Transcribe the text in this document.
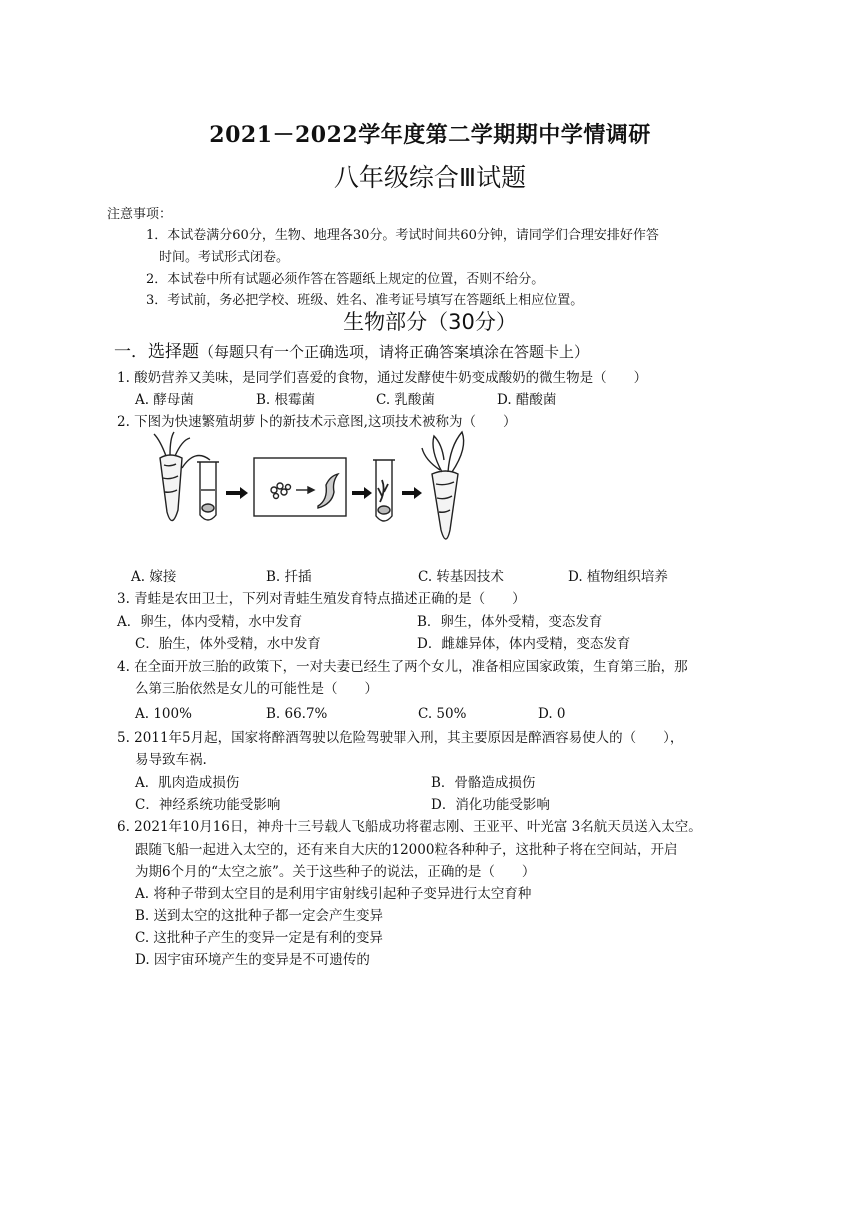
2021－2022学年度第二学期期中学情调研
八年级综合Ⅲ试题
注意事项：
1．本试卷满分60分，生物、地理各30分。考试时间共60分钟，请同学们合理安排好作答
时间。考试形式闭卷。
2．本试卷中所有试题必须作答在答题纸上规定的位置，否则不给分。
3．考试前，务必把学校、班级、姓名、准考证号填写在答题纸上相应位置。
生物部分（30分）
一．选择题（每题只有一个正确选项，请将正确答案填涂在答题卡上）
1. 酸奶营养又美味，是同学们喜爱的食物，通过发酵使牛奶变成酸奶的微生物是（　　）
A. 酵母菌	B. 根霉菌	C. 乳酸菌	D. 醋酸菌
2. 下图为快速繁殖胡萝卜的新技术示意图,这项技术被称为（　　）
A. 嫁接	B. 扦插	C. 转基因技术	D. 植物组织培养
3. 青蛙是农田卫士，下列对青蛙生殖发育特点描述正确的是（　　）
A．卵生，体内受精，水中发育	B．卵生，体外受精，变态发育
C．胎生，体外受精，水中发育	D．雌雄异体，体内受精，变态发育
4. 在全面开放三胎的政策下，一对夫妻已经生了两个女儿，准备相应国家政策，生育第三胎，那
么第三胎依然是女儿的可能性是（　　）
A. 100%	B. 66.7%	C. 50%	D. 0
5. 2011年5月起，国家将醉酒驾驶以危险驾驶罪入刑，其主要原因是醉酒容易使人的（　　），
易导致车祸.
A．肌肉造成损伤	B．骨骼造成损伤
C．神经系统功能受影响	D．消化功能受影响
6. 2021年10月16日，神舟十三号载人飞船成功将翟志刚、王亚平、叶光富 3名航天员送入太空。
跟随飞船一起进入太空的，还有来自大庆的12000粒各种种子，这批种子将在空间站，开启
为期6个月的“太空之旅”。关于这些种子的说法，正确的是（　　）
A. 将种子带到太空目的是利用宇宙射线引起种子变异进行太空育种
B. 送到太空的这批种子都一定会产生变异
C. 这批种子产生的变异一定是有利的变异
D. 因宇宙环境产生的变异是不可遗传的
